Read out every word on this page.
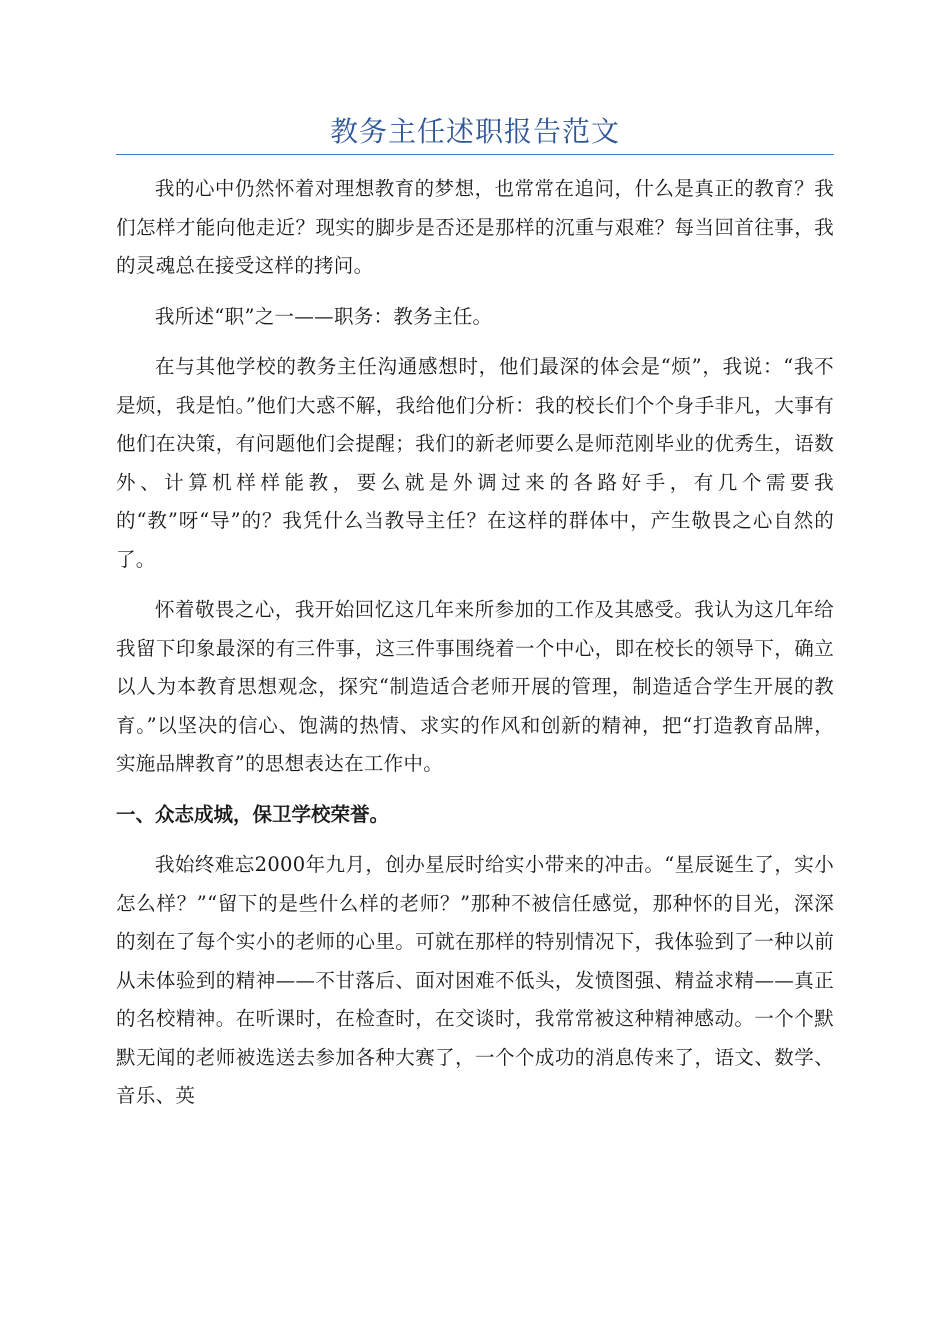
教务主任述职报告范文

我的心中仍然怀着对理想教育的梦想，也常常在追问，什么是真正的教育？我们怎样才能向他走近？现实的脚步是否还是那样的沉重与艰难？每当回首往事，我的灵魂总在接受这样的拷问。

我所述“职”之一——职务：教务主任。

在与其他学校的教务主任沟通感想时，他们最深的体会是“烦”，我说：“我不是烦，我是怕。”他们大惑不解，我给他们分析：我的校长们个个身手非凡，大事有他们在决策，有问题他们会提醒；我们的新老师要么是师范刚毕业的优秀生，语数外、计算机样样能教，要么就是外调过来的各路好手，有几个需要我的“教”呀“导”的？我凭什么当教导主任？在这样的群体中，产生敬畏之心自然的了。

怀着敬畏之心，我开始回忆这几年来所参加的工作及其感受。我认为这几年给我留下印象最深的有三件事，这三件事围绕着一个中心，即在校长的领导下，确立以人为本教育思想观念，探究“制造适合老师开展的管理，制造适合学生开展的教育。”以坚决的信心、饱满的热情、求实的作风和创新的精神，把“打造教育品牌，实施品牌教育”的思想表达在工作中。

一、众志成城，保卫学校荣誉。

我始终难忘2000年九月，创办星辰时给实小带来的冲击。“星辰诞生了，实小怎么样？”“留下的是些什么样的老师？”那种不被信任感觉，那种怀的目光，深深的刻在了每个实小的老师的心里。可就在那样的特别情况下，我体验到了一种以前从未体验到的精神——不甘落后、面对困难不低头，发愤图强、精益求精——真正的名校精神。在听课时，在检查时，在交谈时，我常常被这种精神感动。一个个默默无闻的老师被选送去参加各种大赛了，一个个成功的消息传来了，语文、数学、音乐、英
